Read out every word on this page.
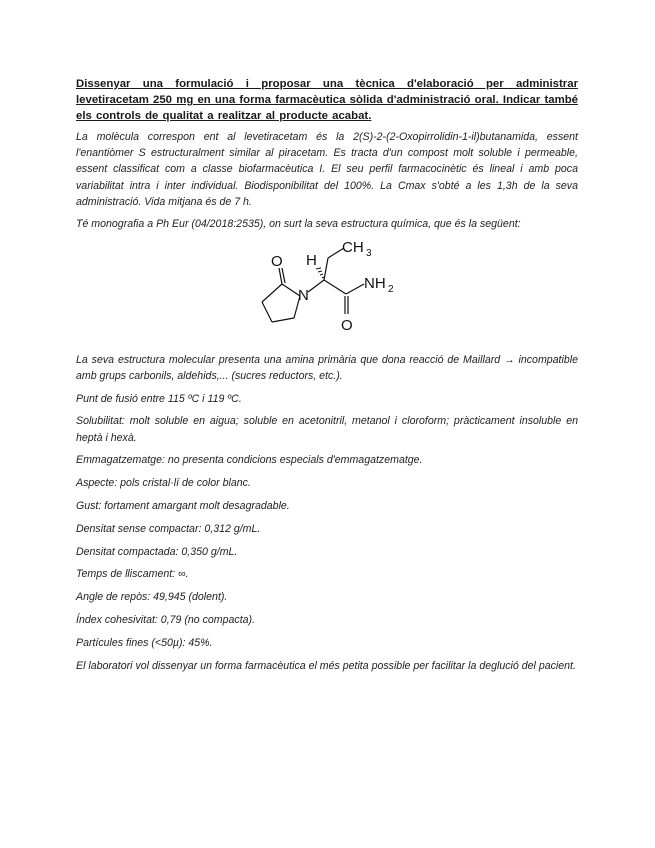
Dissenyar una formulació i proposar una tècnica d'elaboració per administrar levetiracetam 250 mg en una forma farmacèutica sòlida d'administració oral. Indicar també els controls de qualitat a realitzar al producte acabat.

La molècula correspon ent al levetiracetam és la 2(S)-2-(2-Oxopirrolidin-1-il)butanamida, essent l'enantiòmer S estructuralment similar al piracetam. Es tracta d'un compost molt soluble i permeable, essent classificat com a classe biofarmacèutica I. El seu perfil farmacocinètic és lineal i amb poca variabilitat intra i inter individual. Biodisponibilitat del 100%. La Cmax s'obté a les 1,3h de la seva administració. Vida mitjana és de 7 h.

Té monografia a Ph Eur (04/2018:2535), on surt la seva estructura química, que és la següent:

O H
CH 3
N
NH 2
O

La seva estructura molecular presenta una amina primària que dona reacció de Maillard → incompatible amb grups carbonils, aldehids,... (sucres reductors, etc.).

Punt de fusió entre 115 ºC i 119 ºC.

Solubilitat: molt soluble en aigua; soluble en acetonitril, metanol i cloroform; pràcticament insoluble en heptà i hexà.

Emmagatzematge: no presenta condicions especials d'emmagatzematge.

Aspecte: pols cristal·lí de color blanc.

Gust: fortament amargant molt desagradable.

Densitat sense compactar: 0,312 g/mL.

Densitat compactada: 0,350 g/mL.

Temps de lliscament: ∞.

Angle de repòs: 49,945 (dolent).

Índex cohesivitat: 0,79 (no compacta).

Partícules fines (<50µ): 45%.

El laboratori vol dissenyar un forma farmacèutica el més petita possible per facilitar la deglució del pacient.
